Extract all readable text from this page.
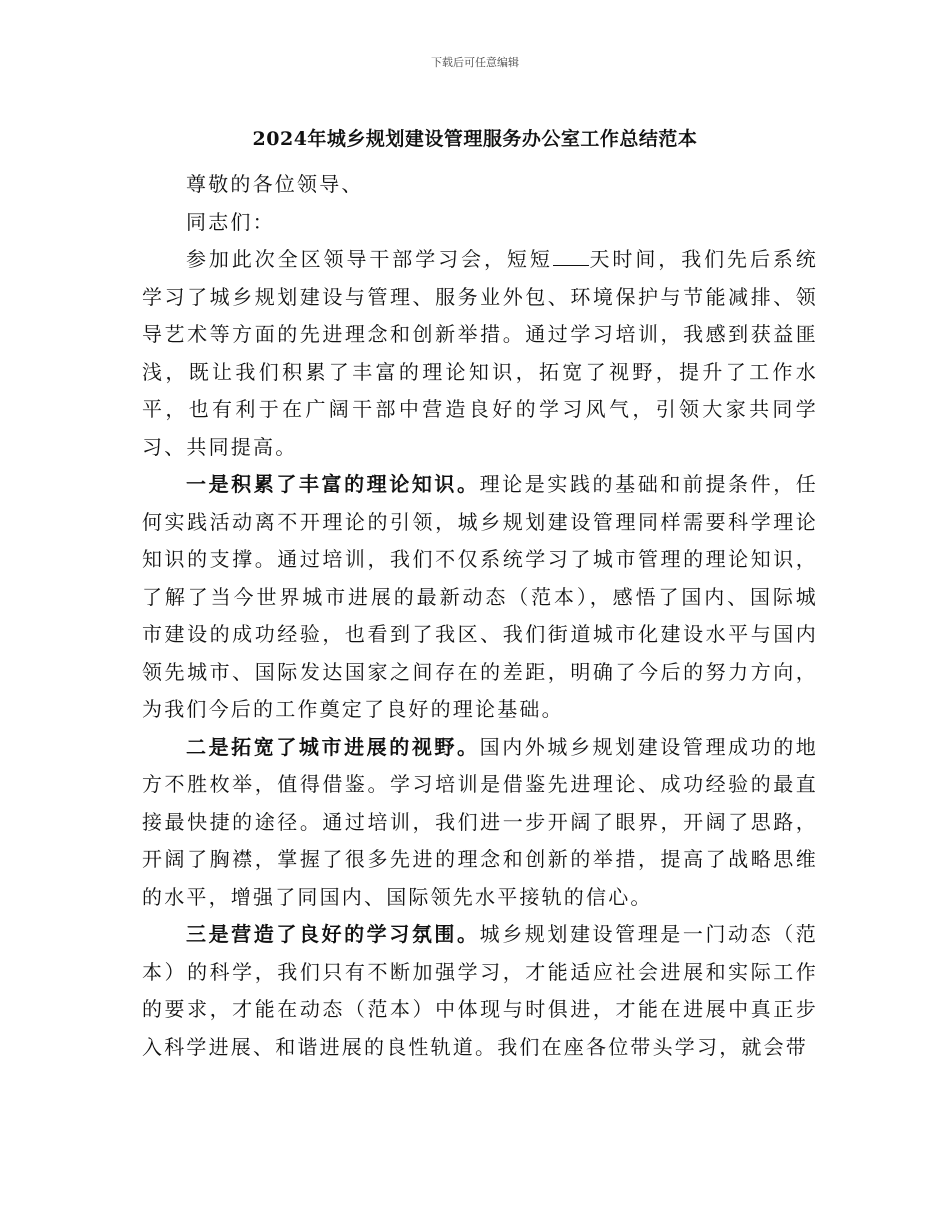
下载后可任意编辑
2024年城乡规划建设管理服务办公室工作总结范本

尊敬的各位领导、

同志们：

参加此次全区领导干部学习会，短短 天时间，我们先后系统学习了城乡规划建设与管理、服务业外包、环境保护与节能减排、领导艺术等方面的先进理念和创新举措。通过学习培训，我感到获益匪浅，既让我们积累了丰富的理论知识，拓宽了视野，提升了工作水平，也有利于在广阔干部中营造良好的学习风气，引领大家共同学习、共同提高。

一是积累了丰富的理论知识。理论是实践的基础和前提条件，任何实践活动离不开理论的引领，城乡规划建设管理同样需要科学理论知识的支撑。通过培训，我们不仅系统学习了城市管理的理论知识，了解了当今世界城市进展的最新动态（范本），感悟了国内、国际城市建设的成功经验，也看到了我区、我们街道城市化建设水平与国内领先城市、国际发达国家之间存在的差距，明确了今后的努力方向，为我们今后的工作奠定了良好的理论基础。

二是拓宽了城市进展的视野。国内外城乡规划建设管理成功的地方不胜枚举，值得借鉴。学习培训是借鉴先进理论、成功经验的最直接最快捷的途径。通过培训，我们进一步开阔了眼界，开阔了思路，开阔了胸襟，掌握了很多先进的理念和创新的举措，提高了战略思维的水平，增强了同国内、国际领先水平接轨的信心。

三是营造了良好的学习氛围。城乡规划建设管理是一门动态（范本）的科学，我们只有不断加强学习，才能适应社会进展和实际工作的要求，才能在动态（范本）中体现与时俱进，才能在进展中真正步入科学进展、和谐进展的良性轨道。我们在座各位带头学习，就会带
